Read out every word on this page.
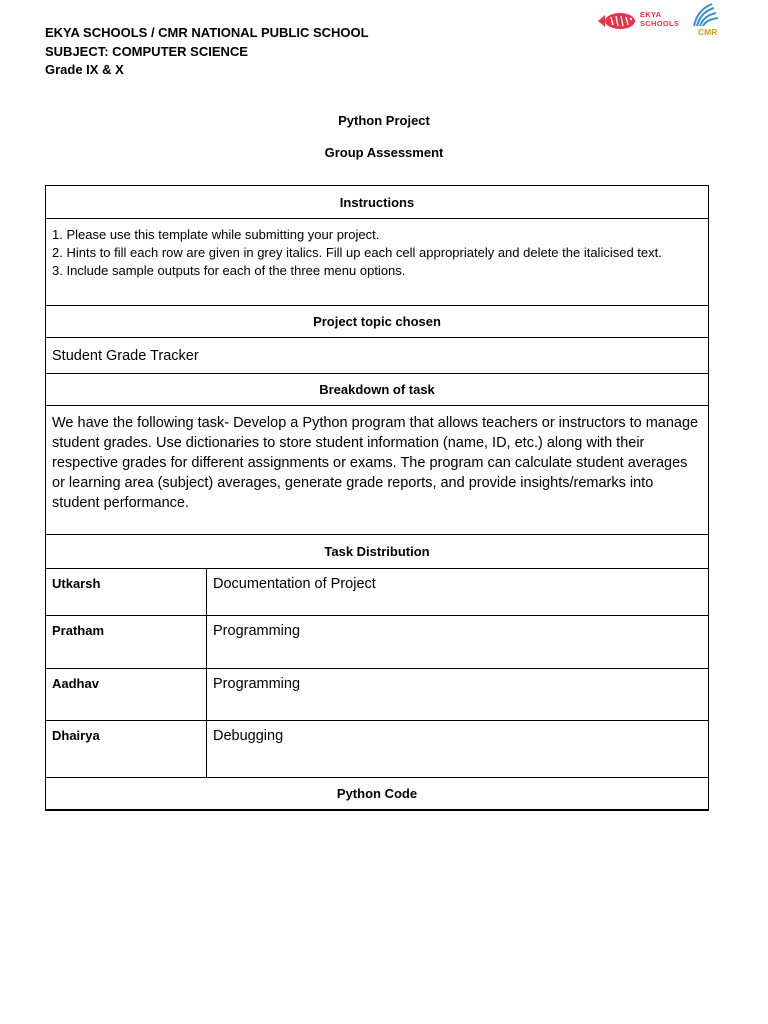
EKYA SCHOOLS / CMR NATIONAL PUBLIC SCHOOL
SUBJECT: COMPUTER SCIENCE
Grade IX & X
EKYA
SCHOOLS
CMR
Python Project
Group Assessment
Instructions	

1. Please use this template while submitting your project.
2. Hints to fill each row are given in grey italics. Fill up each cell appropriately and delete the italicised text.
3. Include sample outputs for each of the three menu options.	

Project topic chosen	
Student Grade Tracker	
Breakdown of task	
We have the following task- Develop a Python program that allows teachers or instructors to manage student grades. Use dictionaries to store student information (name, ID, etc.) along with their respective grades for different assignments or exams. The program can calculate student averages or learning area (subject) averages, generate grade reports, and provide insights/remarks into student performance.	
Task Distribution	
Utkarsh	Documentation of Project
Pratham	Programming
Aadhav	Programming
Dhairya	Debugging
Python Code	
